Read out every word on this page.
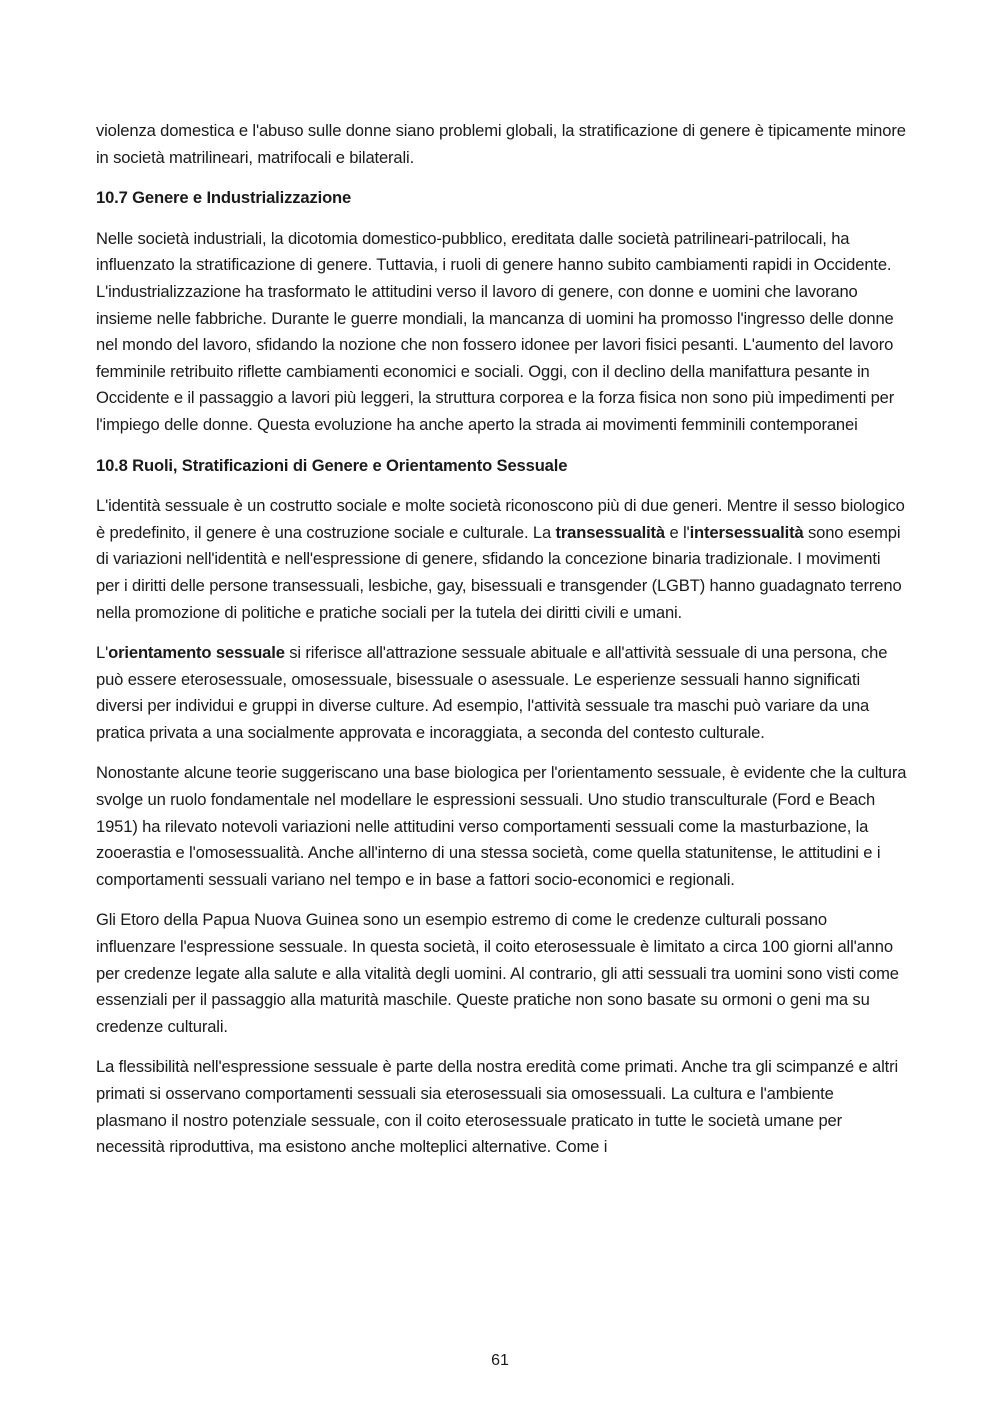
violenza domestica e l'abuso sulle donne siano problemi globali, la stratificazione di genere è tipicamente minore in società matrilineari, matrifocali e bilaterali.

10.7 Genere e Industrializzazione

Nelle società industriali, la dicotomia domestico-pubblico, ereditata dalle società patrilineari-patrilocali, ha influenzato la stratificazione di genere. Tuttavia, i ruoli di genere hanno subito cambiamenti rapidi in Occidente. L'industrializzazione ha trasformato le attitudini verso il lavoro di genere, con donne e uomini che lavorano insieme nelle fabbriche. Durante le guerre mondiali, la mancanza di uomini ha promosso l'ingresso delle donne nel mondo del lavoro, sfidando la nozione che non fossero idonee per lavori fisici pesanti. L'aumento del lavoro femminile retribuito riflette cambiamenti economici e sociali. Oggi, con il declino della manifattura pesante in Occidente e il passaggio a lavori più leggeri, la struttura corporea e la forza fisica non sono più impedimenti per l'impiego delle donne. Questa evoluzione ha anche aperto la strada ai movimenti femminili contemporanei

10.8 Ruoli, Stratificazioni di Genere e Orientamento Sessuale

L'identità sessuale è un costrutto sociale e molte società riconoscono più di due generi. Mentre il sesso biologico è predefinito, il genere è una costruzione sociale e culturale. La transessualità e l'intersessualità sono esempi di variazioni nell'identità e nell'espressione di genere, sfidando la concezione binaria tradizionale. I movimenti per i diritti delle persone transessuali, lesbiche, gay, bisessuali e transgender (LGBT) hanno guadagnato terreno nella promozione di politiche e pratiche sociali per la tutela dei diritti civili e umani.

L'orientamento sessuale si riferisce all'attrazione sessuale abituale e all'attività sessuale di una persona, che può essere eterosessuale, omosessuale, bisessuale o asessuale. Le esperienze sessuali hanno significati diversi per individui e gruppi in diverse culture. Ad esempio, l'attività sessuale tra maschi può variare da una pratica privata a una socialmente approvata e incoraggiata, a seconda del contesto culturale.

Nonostante alcune teorie suggeriscano una base biologica per l'orientamento sessuale, è evidente che la cultura svolge un ruolo fondamentale nel modellare le espressioni sessuali. Uno studio transculturale (Ford e Beach 1951) ha rilevato notevoli variazioni nelle attitudini verso comportamenti sessuali come la masturbazione, la zooerastia e l'omosessualità. Anche all'interno di una stessa società, come quella statunitense, le attitudini e i comportamenti sessuali variano nel tempo e in base a fattori socio-economici e regionali.

Gli Etoro della Papua Nuova Guinea sono un esempio estremo di come le credenze culturali possano influenzare l'espressione sessuale. In questa società, il coito eterosessuale è limitato a circa 100 giorni all'anno per credenze legate alla salute e alla vitalità degli uomini. Al contrario, gli atti sessuali tra uomini sono visti come essenziali per il passaggio alla maturità maschile. Queste pratiche non sono basate su ormoni o geni ma su credenze culturali.

La flessibilità nell'espressione sessuale è parte della nostra eredità come primati. Anche tra gli scimpanzé e altri primati si osservano comportamenti sessuali sia eterosessuali sia omosessuali. La cultura e l'ambiente plasmano il nostro potenziale sessuale, con il coito eterosessuale praticato in tutte le società umane per necessità riproduttiva, ma esistono anche molteplici alternative. Come i

61
